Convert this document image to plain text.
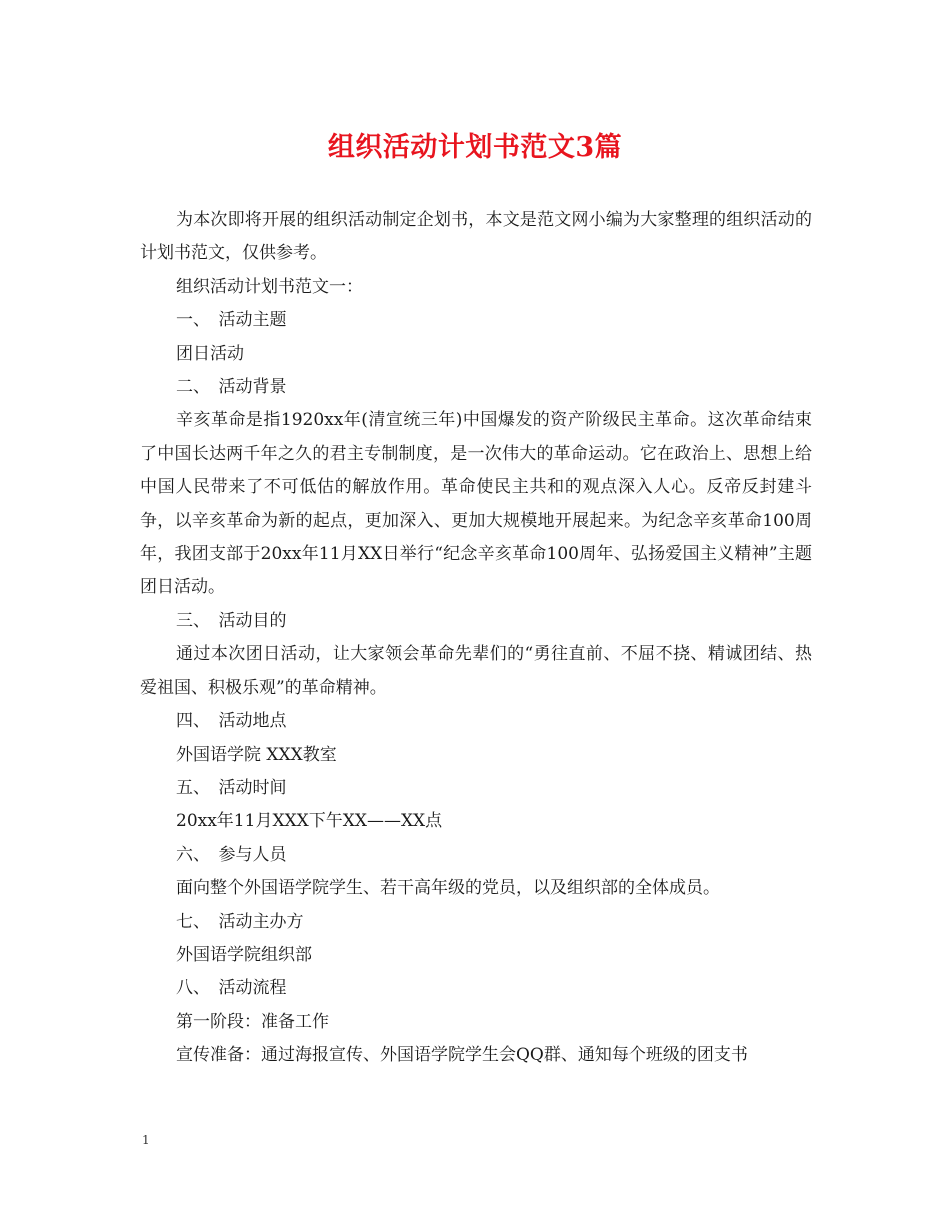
组织活动计划书范文3篇

为本次即将开展的组织活动制定企划书，本文是范文网小编为大家整理的组织活动的计划书范文，仅供参考。

组织活动计划书范文一：

一、　活动主题

团日活动

二、　活动背景

辛亥革命是指1920xx年(清宣统三年)中国爆发的资产阶级民主革命。这次革命结束了中国长达两千年之久的君主专制制度，是一次伟大的革命运动。它在政治上、思想上给中国人民带来了不可低估的解放作用。革命使民主共和的观点深入人心。反帝反封建斗争，以辛亥革命为新的起点，更加深入、更加大规模地开展起来。为纪念辛亥革命100周年，我团支部于20xx年11月XX日举行“纪念辛亥革命100周年、弘扬爱国主义精神”主题团日活动。

三、　活动目的

通过本次团日活动，让大家领会革命先辈们的“勇往直前、不屈不挠、精诚团结、热爱祖国、积极乐观”的革命精神。

四、　活动地点

外国语学院 XXX教室

五、　活动时间

20xx年11月XXX下午XX——XX点

六、　参与人员

面向整个外国语学院学生、若干高年级的党员，以及组织部的全体成员。

七、　活动主办方

外国语学院组织部

八、　活动流程

第一阶段：准备工作

宣传准备：通过海报宣传、外国语学院学生会QQ群、通知每个班级的团支书

1
